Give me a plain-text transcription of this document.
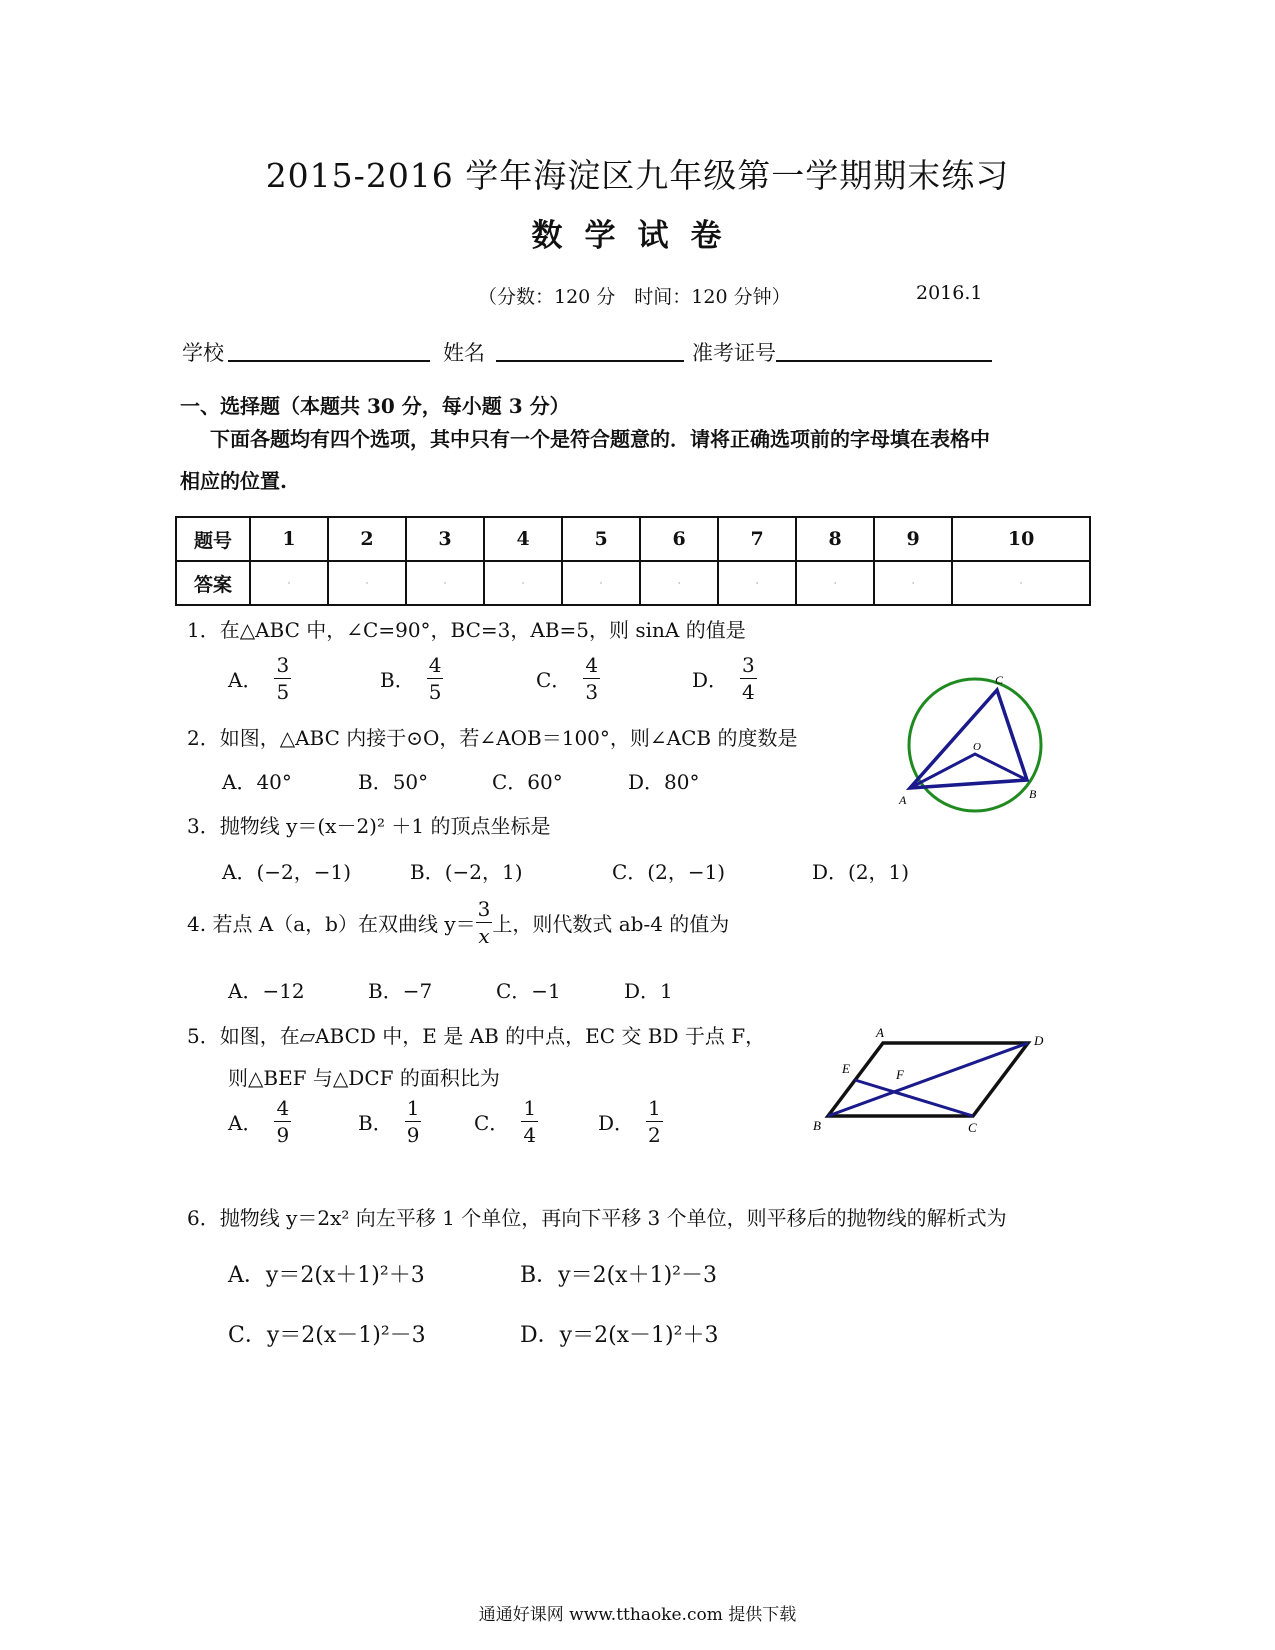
2015-2016 学年海淀区九年级第一学期期末练习
数学试卷
（分数：120 分　时间：120 分钟）	2016.1
学校	姓名	准考证号
一、选择题（本题共 30 分，每小题 3 分）
下面各题均有四个选项，其中只有一个是符合题意的．请将正确选项前的字母填在表格中
相应的位置.
题号	1	2	3	4	5	6	7	8	9	10
答案	·	·	·	·	·	·	·	·	·	·
1．在△ABC 中，∠C=90°，BC=3，AB=5，则 sinA 的值是
A． $\frac{3}{5}$	B． $\frac{4}{5}$	C． $\frac{4}{3}$	D． $\frac{3}{4}$
A	B
C
O
2．如图，△ABC 内接于⊙O，若∠AOB＝100°，则∠ACB 的度数是
A．40°	B．50°	C．60°	D．80°
3．抛物线 y＝(x－2)² ＋1 的顶点坐标是
A．(−2，−1)	B．(−2，1)	C．(2，−1)	D．(2，1)
4. 若点 A（a，b）在双曲线 $y= \frac{3}{x}$ 上，则代数式 ab-4 的值为
A．−12	B．−7	C．−1	D．1
5．如图，在▱ABCD 中，E 是 AB 的中点，EC 交 BD 于点 F，
则△BEF 与△DCF 的面积比为
A
D
B	C
E	F
A． $\frac{4}{9}$	B． $\frac{1}{9}$	C． $\frac{1}{4}$	D． $\frac{1}{2}$
6．抛物线 y＝2x² 向左平移 1 个单位，再向下平移 3 个单位，则平移后的抛物线的解析式为
A．y＝2(x＋1)²＋3	B．y＝2(x＋1)²－3
C．y＝2(x－1)²－3	D．y＝2(x－1)²＋3
通通好课网 www.tthaoke.com 提供下载
